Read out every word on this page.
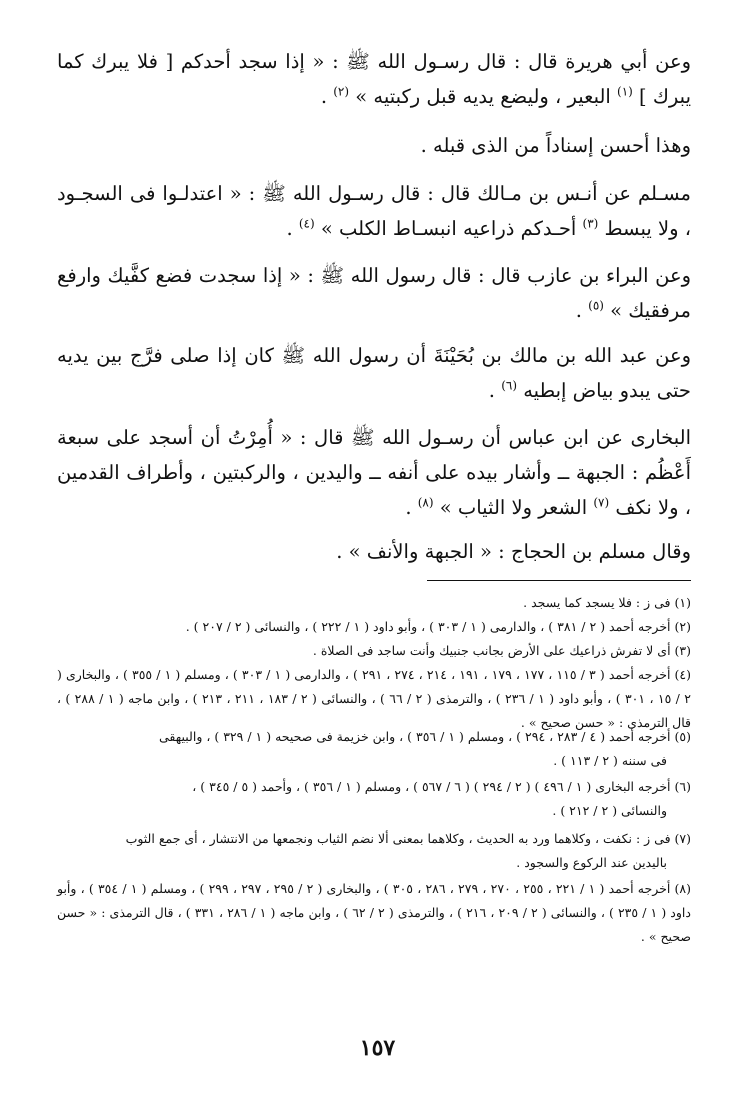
وعن أبي هريرة قال : قال رسـول الله ﷺ : « إذا سجد أحدكم [ فلا يبرك كما يبرك ] $^{(١)}$ البعير ، وليضع يديه قبل ركبتيه » $^{(٢)}$ .

وهذا أحسن إسناداً من الذى قبله .

مسـلم عن أنـس بن مـالك قال : قال رسـول الله ﷺ : « اعتدلـوا فى السجـود ، ولا يبسط $^{(٣)}$ أحـدكم ذراعيه انبسـاط الكلب » $^{(٤)}$ .

وعن البراء بن عازب قال : قال رسول الله ﷺ : « إذا سجدت فضع كفَّيك وارفع مرفقيك » $^{(٥)}$ .

وعن عبد الله بن مالك بن بُحَيْنَةَ أن رسول الله ﷺ كان إذا صلى فرَّج بين يديه حتى يبدو بياض إبطيه $^{(٦)}$ .

البخارى عن ابن عباس أن رسـول الله ﷺ قال : « أُمِرْتُ أن أسجد على سبعة أَعْظُم : الجبهة ــ وأشار بيده على أنفه ــ واليدين ، والركبتين ، وأطراف القدمين ، ولا نكف $^{(٧)}$ الشعر ولا الثياب » $^{(٨)}$ .

وقال مسلم بن الحجاج : « الجبهة والأنف » .

(١) فى ز : فلا يسجد كما يسجد .

(٢) أخرجه أحمد ( ٢ / ٣٨١ ) ، والدارمى ( ١ / ٣٠٣ ) ، وأبو داود ( ١ / ٢٢٢ ) ، والنسائى ( ٢ / ٢٠٧ ) .

(٣) أى لا تفرش ذراعيك على الأرض بجانب جنبيك وأنت ساجد فى الصلاة .

(٤) أخرجه أحمد ( ٣ / ١١٥ ، ١٧٧ ، ١٧٩ ، ١٩١ ، ٢١٤ ، ٢٧٤ ، ٢٩١ ) ، والدارمى ( ١ / ٣٠٣ ) ، ومسلم ( ١ / ٣٥٥ ) ، والبخارى ( ٢ / ١٥ ، ٣٠١ ) ، وأبو داود ( ١ / ٢٣٦ ) ، والترمذى ( ٢ / ٦٦ ) ، والنسائى ( ٢ / ١٨٣ ، ٢١١ ، ٢١٣ ) ، وابن ماجه ( ١ / ٢٨٨ ) ، قال الترمذى : « حسن صحيح » .

(٥) أخرجه أحمد ( ٤ / ٢٨٣ ، ٢٩٤ ) ، ومسلم ( ١ / ٣٥٦ ) ، وابن خزيمة فى صحيحه ( ١ / ٣٢٩ ) ، والبيهقى
فى سننه ( ٢ / ١١٣ ) .

(٦) أخرجه البخارى ( ١ / ٤٩٦ ) ( ٢ / ٢٩٤ ) ( ٦ / ٥٦٧ ) ، ومسلم ( ١ / ٣٥٦ ) ، وأحمد ( ٥ / ٣٤٥ ) ،
والنسائى ( ٢ / ٢١٢ ) .

(٧) فى ز : نكفت ، وكلاهما ورد به الحديث ، وكلاهما بمعنى ألا نضم الثياب ونجمعها من الانتشار ، أى جمع الثوب
باليدين عند الركوع والسجود .

(٨) أخرجه أحمد ( ١ / ٢٢١ ، ٢٥٥ ، ٢٧٠ ، ٢٧٩ ، ٢٨٦ ، ٣٠٥ ) ، والبخارى ( ٢ / ٢٩٥ ، ٢٩٧ ، ٢٩٩ ) ، ومسلم ( ١ / ٣٥٤ ) ، وأبو داود ( ١ / ٢٣٥ ) ، والنسائى ( ٢ / ٢٠٩ ، ٢١٦ ) ، والترمذى ( ٢ / ٦٢ ) ، وابن ماجه ( ١ / ٢٨٦ ، ٣٣١ ) ، قال الترمذى : « حسن صحيح » .

١٥٧
